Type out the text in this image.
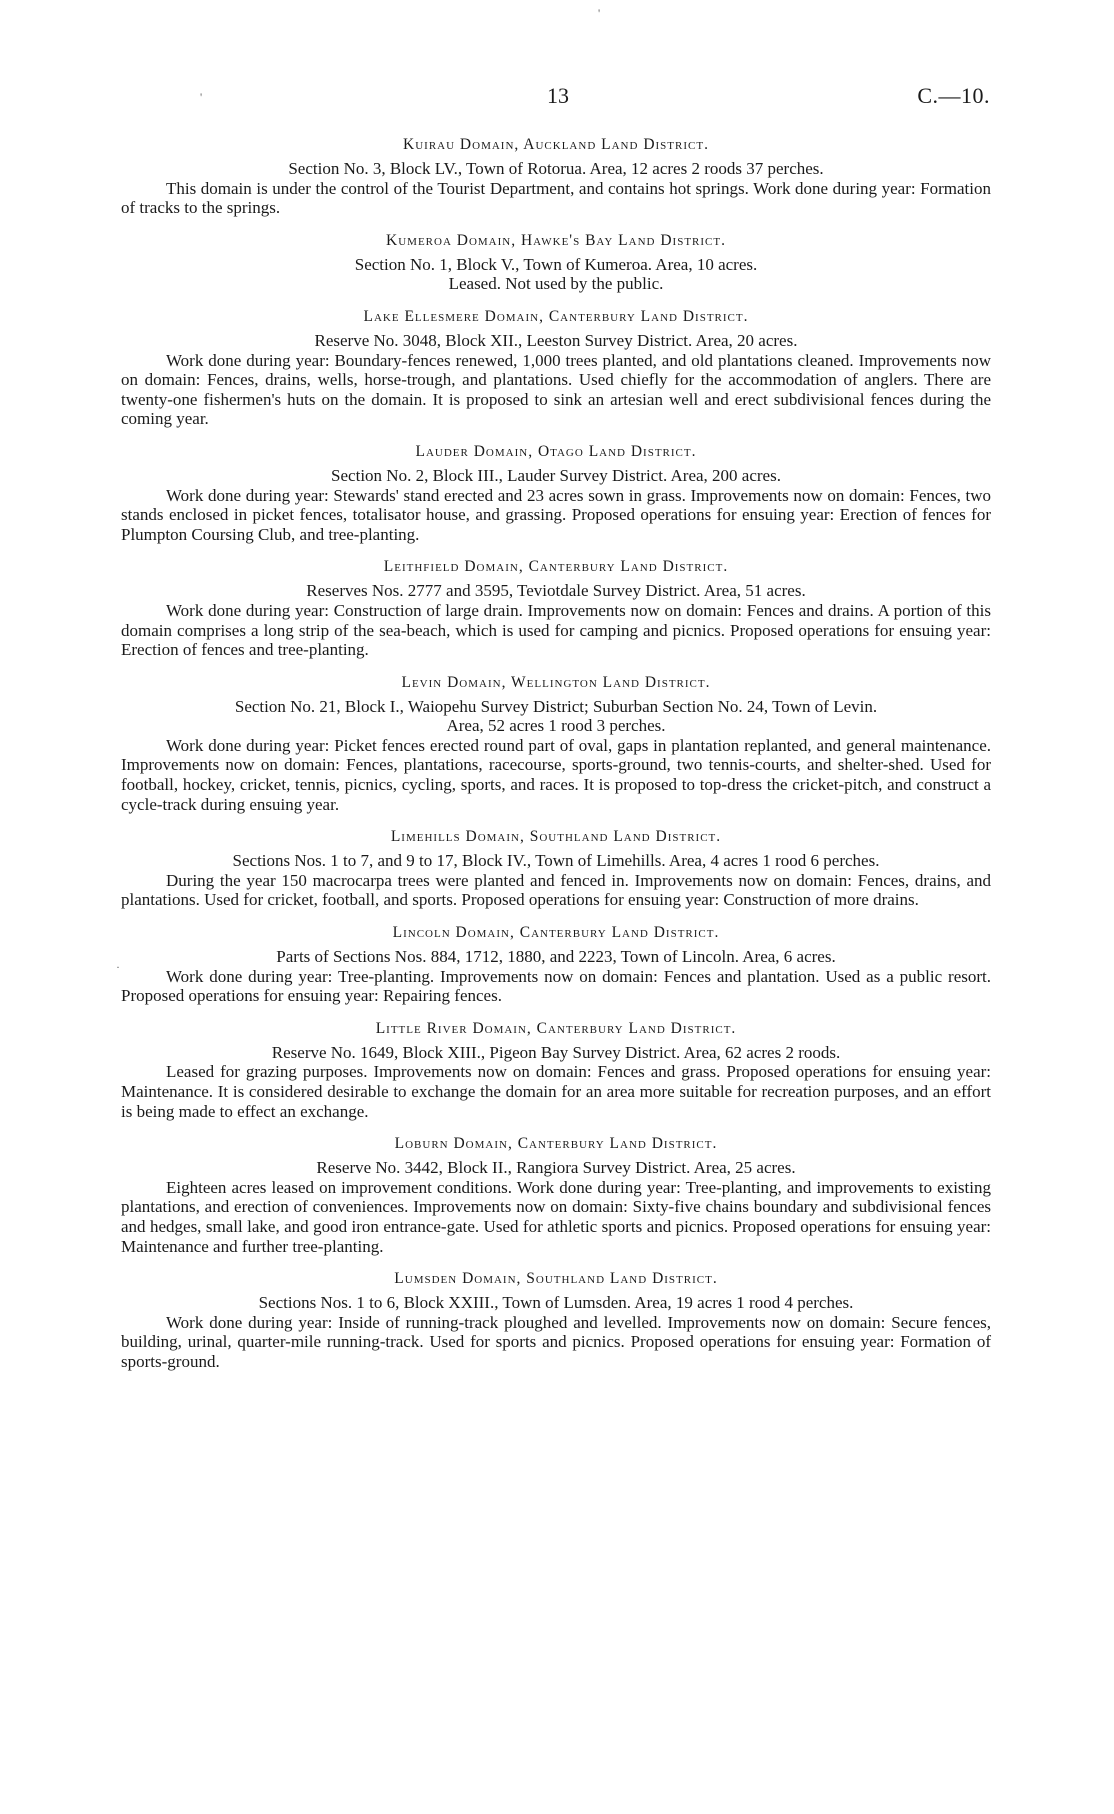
'
'
·
13	C.—10.
Kuirau Domain, Auckland Land District.

Section No. 3, Block LV., Town of Rotorua. Area, 12 acres 2 roods 37 perches.

This domain is under the control of the Tourist Department, and contains hot springs. Work done during year: Formation of tracks to the springs.

Kumeroa Domain, Hawke's Bay Land District.

Section No. 1, Block V., Town of Kumeroa. Area, 10 acres.

Leased. Not used by the public.

Lake Ellesmere Domain, Canterbury Land District.

Reserve No. 3048, Block XII., Leeston Survey District. Area, 20 acres.

Work done during year: Boundary-fences renewed, 1,000 trees planted, and old plantations cleaned. Improvements now on domain: Fences, drains, wells, horse-trough, and plantations. Used chiefly for the accommodation of anglers. There are twenty-one fishermen's huts on the domain. It is proposed to sink an artesian well and erect subdivisional fences during the coming year.

Lauder Domain, Otago Land District.

Section No. 2, Block III., Lauder Survey District. Area, 200 acres.

Work done during year: Stewards' stand erected and 23 acres sown in grass. Improvements now on domain: Fences, two stands enclosed in picket fences, totalisator house, and grassing. Proposed operations for ensuing year: Erection of fences for Plumpton Coursing Club, and tree-planting.

Leithfield Domain, Canterbury Land District.

Reserves Nos. 2777 and 3595, Teviotdale Survey District. Area, 51 acres.

Work done during year: Construction of large drain. Improvements now on domain: Fences and drains. A portion of this domain comprises a long strip of the sea-beach, which is used for camping and picnics. Proposed operations for ensuing year: Erection of fences and tree-planting.

Levin Domain, Wellington Land District.

Section No. 21, Block I., Waiopehu Survey District; Suburban Section No. 24, Town of Levin.

Area, 52 acres 1 rood 3 perches.

Work done during year: Picket fences erected round part of oval, gaps in plantation replanted, and general maintenance. Improvements now on domain: Fences, plantations, racecourse, sports-ground, two tennis-courts, and shelter-shed. Used for football, hockey, cricket, tennis, picnics, cycling, sports, and races. It is proposed to top-dress the cricket-pitch, and construct a cycle-track during ensuing year.

Limehills Domain, Southland Land District.

Sections Nos. 1 to 7, and 9 to 17, Block IV., Town of Limehills. Area, 4 acres 1 rood 6 perches.

During the year 150 macrocarpa trees were planted and fenced in. Improvements now on domain: Fences, drains, and plantations. Used for cricket, football, and sports. Proposed operations for ensuing year: Construction of more drains.

Lincoln Domain, Canterbury Land District.

Parts of Sections Nos. 884, 1712, 1880, and 2223, Town of Lincoln. Area, 6 acres.

Work done during year: Tree-planting. Improvements now on domain: Fences and plantation. Used as a public resort. Proposed operations for ensuing year: Repairing fences.

Little River Domain, Canterbury Land District.

Reserve No. 1649, Block XIII., Pigeon Bay Survey District. Area, 62 acres 2 roods.

Leased for grazing purposes. Improvements now on domain: Fences and grass. Proposed operations for ensuing year: Maintenance. It is considered desirable to exchange the domain for an area more suitable for recreation purposes, and an effort is being made to effect an exchange.

Loburn Domain, Canterbury Land District.

Reserve No. 3442, Block II., Rangiora Survey District. Area, 25 acres.

Eighteen acres leased on improvement conditions. Work done during year: Tree-planting, and improvements to existing plantations, and erection of conveniences. Improvements now on domain: Sixty-five chains boundary and subdivisional fences and hedges, small lake, and good iron entrance-gate. Used for athletic sports and picnics. Proposed operations for ensuing year: Maintenance and further tree-planting.

Lumsden Domain, Southland Land District.

Sections Nos. 1 to 6, Block XXIII., Town of Lumsden. Area, 19 acres 1 rood 4 perches.

Work done during year: Inside of running-track ploughed and levelled. Improvements now on domain: Secure fences, building, urinal, quarter-mile running-track. Used for sports and picnics. Proposed operations for ensuing year: Formation of sports-ground.
